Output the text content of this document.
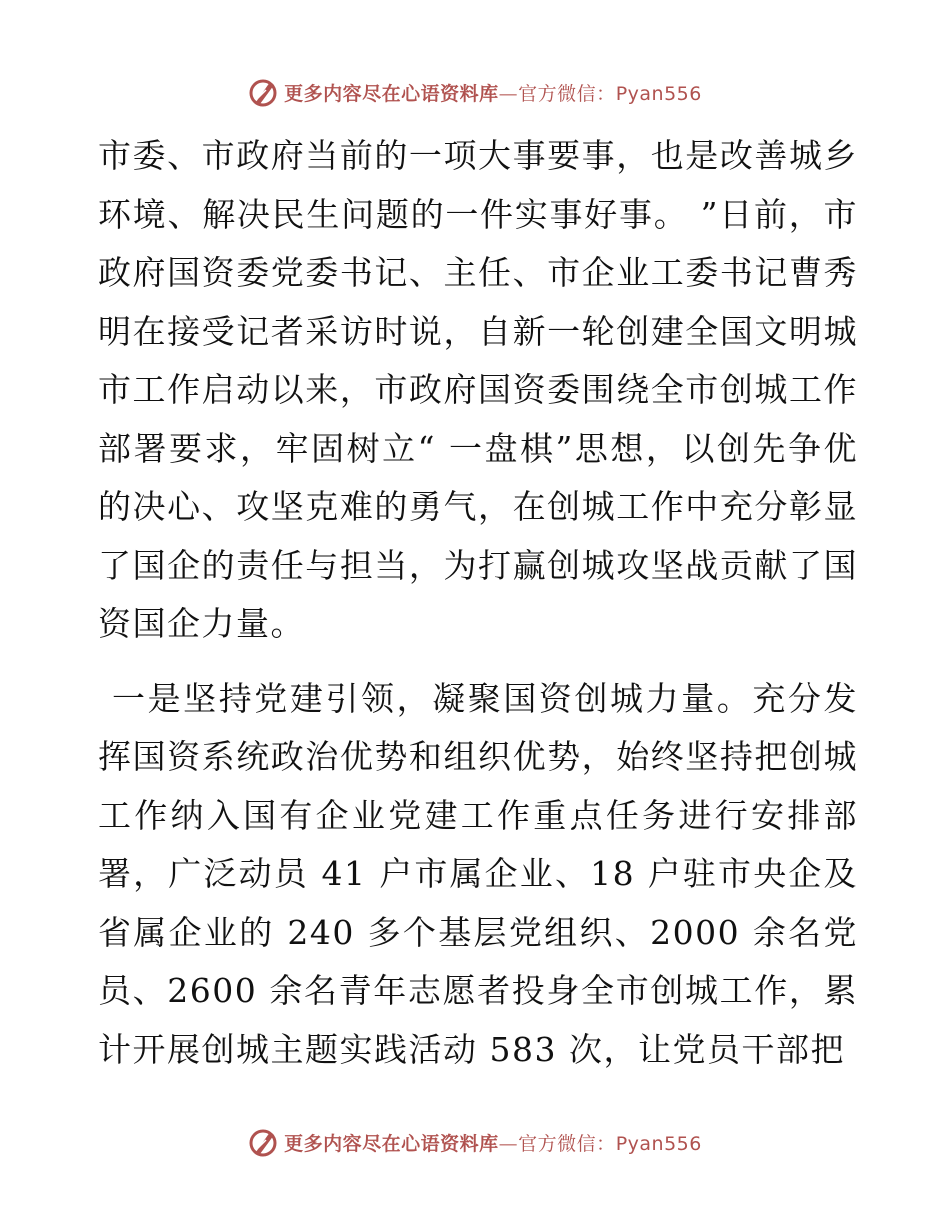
更多内容尽在心语资料库—官方微信：Pyan556

市委、市政府当前的一项大事要事，也是改善城乡环境、解决民生问题的一件实事好事。 ”日前，市政府国资委党委书记、主任、市企业工委书记曹秀明在接受记者采访时说，自新一轮创建全国文明城市工作启动以来，市政府国资委围绕全市创城工作部署要求，牢固树立“ 一盘棋”思想，以创先争优的决心、攻坚克难的勇气，在创城工作中充分彰显了国企的责任与担当，为打赢创城攻坚战贡献了国资国企力量。

一是坚持党建引领，凝聚国资创城力量。充分发挥国资系统政治优势和组织优势，始终坚持把创城工作纳入国有企业党建工作重点任务进行安排部署，广泛动员 41 户市属企业、18 户驻市央企及省属企业的 240 多个基层党组织、2000 余名党员、2600 余名青年志愿者投身全市创城工作，累计开展创城主题实践活动 583 次，让党员干部把

更多内容尽在心语资料库—官方微信：Pyan556
